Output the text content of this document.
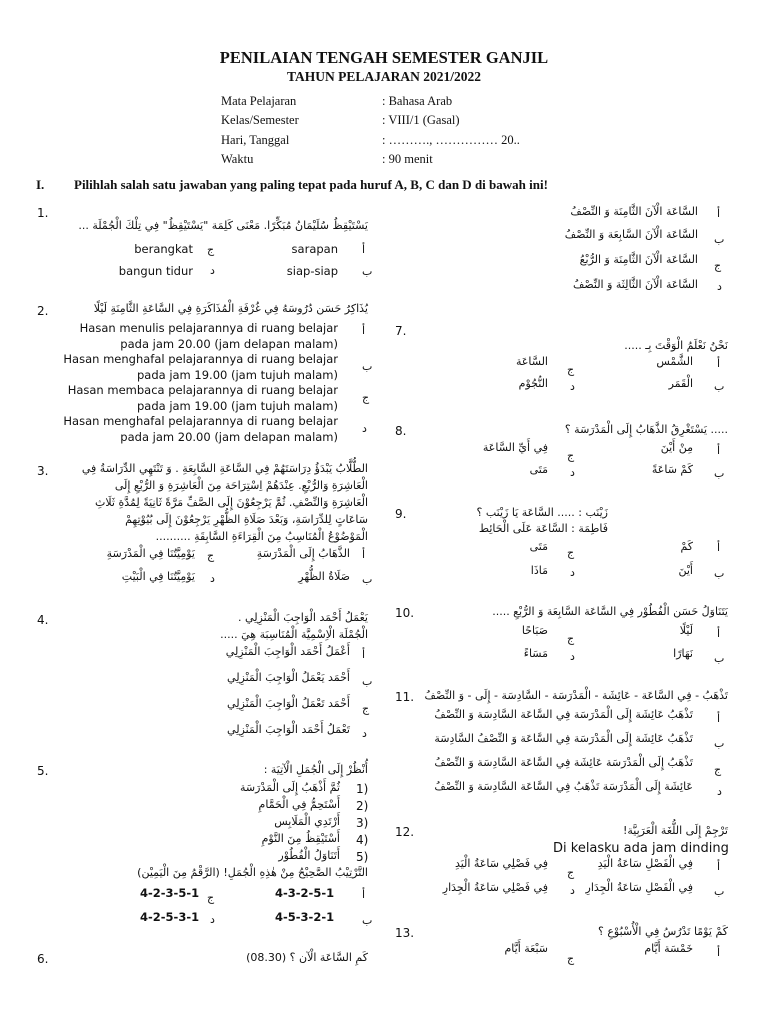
PENILAIAN TENGAH SEMESTER GANJIL
TAHUN PELAJARAN 2021/2022
Mata Pelajaran	: Bahasa Arab
Kelas/Semester	: VIII/1 (Gasal)
Hari, Tanggal	: ………., …………… 20..
Waktu	: 90 menit
I. Pilihlah salah satu jawaban yang paling tepat pada huruf A, B, C dan D di bawah ini!
1.
يَسْتَيْقِظُ سُلَيْمَانُ مُبَكِّرًا. مَعْنَى كَلِمَة "يَسْتَيْقِظُ" فِي تِلْكَ الْجُمْلَة ...
أ
sarapan
ج
berangkat
ب
siap-siap
د
bangun tidur
2.	يُذَاكِرُ حَسَن دُرُوسَهُ فِي غُرْفَةِ الْمُذَاكَرَةِ فِي السَّاعَةِ الثَّامِنَةِ لَيْلًا
أ
Hasan menulis pelajarannya di ruang belajar
pada jam 20.00 (jam delapan malam)
ب
Hasan menghafal pelajarannya di ruang belajar
pada jam 19.00 (jam tujuh malam)
ج
Hasan membaca pelajarannya di ruang belajar
pada jam 19.00 (jam tujuh malam)
د
Hasan menghafal pelajarannya di ruang belajar
pada jam 20.00 (jam delapan malam)
3.	الطُّلَّابُ يَبْدَؤُ دِرَاسَتَهُمْ فِي السَّاعَةِ السَّابِعَةِ . وَ تَنْتَهِي الدِّرَاسَةُ فِي
الْعَاشِرَةِ وَالرُّبْعِ. عِنْدَهُمْ اِسْتِرَاحَة مِنَ الْعَاشِرَةِ وَ الرُّبْعِ إِلَى
الْعَاشِرَةِ وَالنِّصْفِ. ثُمَّ يَرْجِعُوْنَ إِلَى الصَّفِّ مَرَّةً ثَانِيَةً لِمُدَّةِ ثَلَاثِ
سَاعَاتٍ لِلدِّرَاسَةِ، وَبَعْدَ صَلَاةِ الظُّهْرِ يَرْجِعُوْنَ إِلَى بُيُوْتِهِمْ
الْمَوْضُوْعُ الْمُنَاسِبُ مِنَ الْقِرَاءَةِ السَّابِقَةِ ..........
أ
الذَّهَابُ إِلَى الْمَدْرَسَةِ
ج
يَوْمِيَّتُنَا فِي الْمَدْرَسَةِ
ب
صَلَاةُ الظُّهْرِ
د
يَوْمِيَّتُنَا فِي الْبَيْتِ
4.	يَعْمَلُ أَحْمَد الْوَاجِبَ الْمَنْزِلِي .
الْجُمْلَة الْاِسْمِيَّة الْمُنَاسِبَة هِيَ .....
أ
أَعْمَلُ أَحْمَد الْوَاجِبَ الْمَنْزِلِي
ب
أَحْمَد يَعْمَلُ الْوَاجِبَ الْمَنْزِلِي
ج
أَحْمَد تَعْمَلُ الْوَاجِبَ الْمَنْزِلِي
د
تَعْمَلُ أَحْمَد الْوَاجِبَ الْمَنْزِلِي
5.	أُنْظُرْ إِلَى الْجُمَلِ الْآتِيَة :
1)
ثُمَّ أَذْهَبُ إِلَى الْمَدْرَسَة
2)
أَسْتَحِمُّ فِي الْحَمَّامِ
3)
أَرْتَدِي الْمَلَابِس
4)
أَسْتَيْقِظُ مِنَ النَّوْمِ
5)
أَتَنَاوَلُ الْفُطُوْر
التَّرْتِيْبُ الصَّحِيْحُ مِنْ هٰذِهِ الْجُمَلِ! (الرَّقْمُ مِنَ الْيَمِيْن)
أ
4-3-2-5-1
ج
4-2-3-5-1
ب
4-5-3-2-1
د
4-2-5-3-1
6.	كَمِ السَّاعَة الْآن ؟ (08.30)
أ
السَّاعَة الْآنَ الثَّامِنَة وَ النِّصْفُ
ب
السَّاعَة الْآنَ السَّابِعَة وَ النِّصْفُ
ج
السَّاعَة الْآنَ الثَّامِنَة وَ الرُّبْعُ
د
السَّاعَة الْآنَ الثَّالِثَة وَ النِّصْفُ
7.
نَحْنُ نَعْلَمُ الْوَقْتَ بِـ .....
أ
الشَّمْس
ج
السَّاعَة
ب
الْقَمَر
د
النُّجُوْم
8.	..... يَسْتَغْرِقُ الذَّهَابُ إِلَى الْمَدْرَسَة ؟
أ
مِنْ أَيْنَ
ج
فِي أَيِّ السَّاعَة
ب
كَمْ سَاعَةً
د
مَتَى
9.	زَيْنَب : ..... السَّاعَة يَا زَيْنَب ؟
فَاطِمَة : السَّاعَة عَلَى الْحَائِط
أ
كَمْ
ج
مَتَى
ب
أَيْنَ
د
مَاذَا
10.	يَتَنَاوَلُ حَسَن الْفُطُوْر فِي السَّاعَة السَّابِعَة وَ الرُّبْعِ .....
أ
لَيْلًا
ج
صَبَاحًا
ب
نَهَارًا
د
مَسَاءً
11. تَذْهَبُ - فِي السَّاعَة - عَائِشَة - الْمَدْرَسَة - السَّادِسَة - إِلَى - وَ النِّصْفُ
أ
تَذْهَبُ عَائِشَة إِلَى الْمَدْرَسَة فِي السَّاعَة السَّادِسَة وَ النِّصْفُ
ب
تَذْهَبُ عَائِشَة إِلَى الْمَدْرَسَة فِي السَّاعَة وَ النِّصْفُ السَّادِسَة
ج
تَذْهَبُ إِلَى الْمَدْرَسَة عَائِشَة فِي السَّاعَة السَّادِسَة وَ النِّصْفُ
د
عَائِشَة إِلَى الْمَدْرَسَة تَذْهَبُ فِي السَّاعَة السَّادِسَة وَ النِّصْفُ
12.	تَرْجِمْ إِلَى اللُّغَة الْعَرَبِيَّة!
Di kelasku ada jam dinding
أ
فِي الْفَصْلِ سَاعَةُ الْيَدِ
ج
فِي فَصْلِي سَاعَةُ الْيَدِ
ب
فِي الْفَصْلِ سَاعَةُ الْجِدَارِ
د
فِي فَصْلِي سَاعَةُ الْجِدَارِ
13.	كَمْ يَوْمًا تَدْرُسُ فِي الْأُسْبُوْعِ ؟
أ
خَمْسَة أَيَّام
ج
سَبْعَة أَيَّام
